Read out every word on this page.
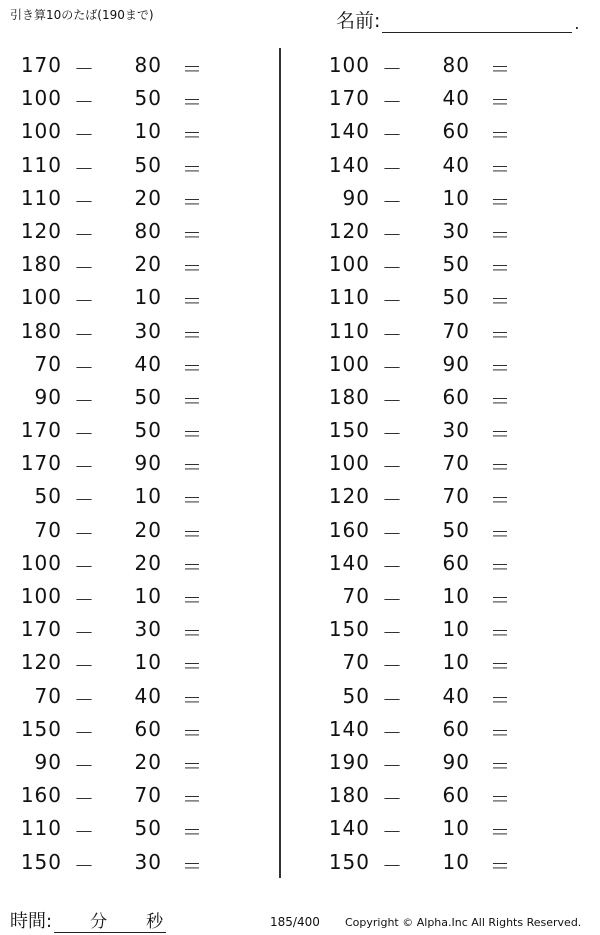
引き算10のたば(190まで)	名前:	.
170 －	80 ＝
100 －	50 ＝
100 －	10 ＝
110 －	50 ＝
110 －	20 ＝
120 －	80 ＝
180 －	20 ＝
100 －	10 ＝
180 －	30 ＝
70 －	40 ＝
90 －	50 ＝
170 －	50 ＝
170 －	90 ＝
50 －	10 ＝
70 －	20 ＝
100 －	20 ＝
100 －	10 ＝
170 －	30 ＝
120 －	10 ＝
70 －	40 ＝
150 －	60 ＝
90 －	20 ＝
160 －	70 ＝
110 －	50 ＝
150 －	30 ＝
100 －	80 ＝
170 －	40 ＝
140 －	60 ＝
140 －	40 ＝
90 －	10 ＝
120 －	30 ＝
100 －	50 ＝
110 －	50 ＝
110 －	70 ＝
100 －	90 ＝
180 －	60 ＝
150 －	30 ＝
100 －	70 ＝
120 －	70 ＝
160 －	50 ＝
140 －	60 ＝
70 －	10 ＝
150 －	10 ＝
70 －	10 ＝
50 －	40 ＝
140 －	60 ＝
190 －	90 ＝
180 －	60 ＝
140 －	10 ＝
150 －	10 ＝
時間: 分 秒	185/400 Copyright © Alpha.Inc All Rights Reserved.
